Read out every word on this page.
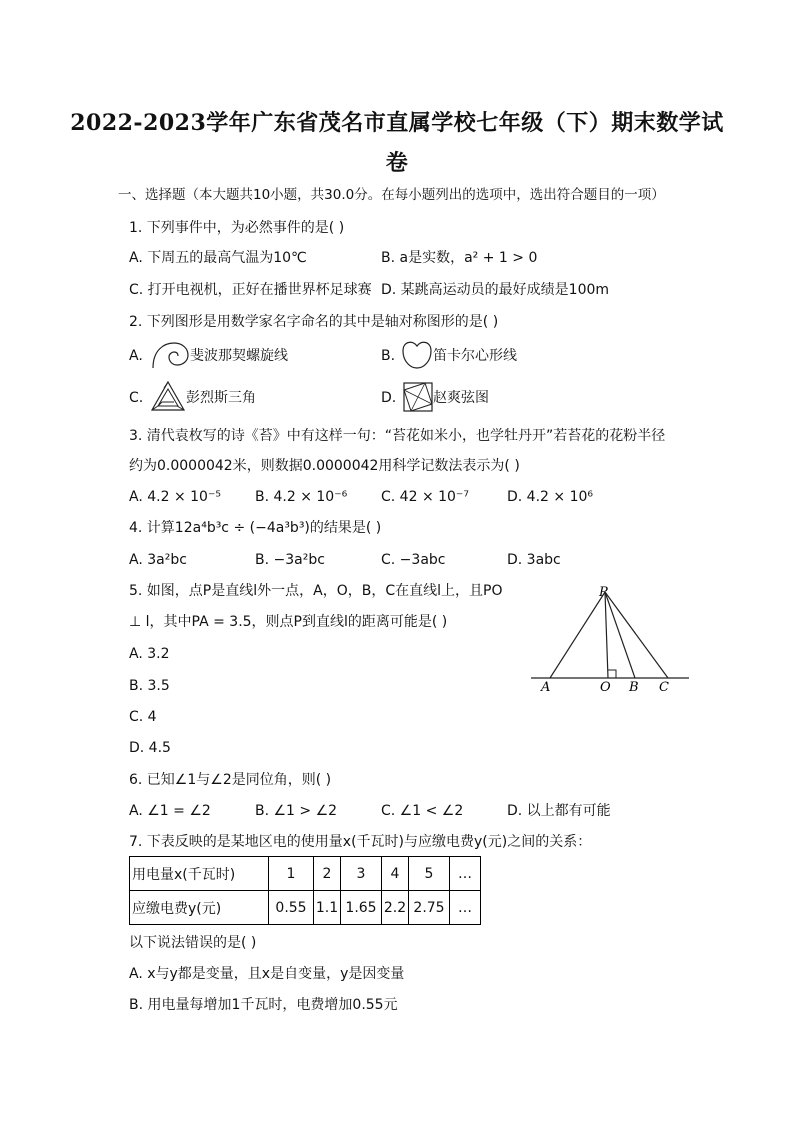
2022-2023学年广东省茂名市直属学校七年级（下）期末数学试
卷
一、选择题（本大题共10小题，共30.0分。在每小题列出的选项中，选出符合题目的一项）
1. 下列事件中，为必然事件的是( )
A. 下周五的最高气温为10℃	B. a是实数，a² + 1 > 0
C. 打开电视机，正好在播世界杯足球赛 D. 某跳高运动员的最好成绩是100m
2. 下列图形是用数学家名字命名的其中是轴对称图形的是( )
A.	斐波那契螺旋线	B.	笛卡尔心形线
C.	彭烈斯三角	D.	赵爽弦图
3. 清代袁枚写的诗《苔》中有这样一句：“苔花如米小，也学牡丹开”若苔花的花粉半径
约为0.0000042米，则数据0.0000042用科学记数法表示为( )
A. 4.2 × 10⁻⁵ B. 4.2 × 10⁻⁶ C. 42 × 10⁻⁷	D. 4.2 × 10⁶
4. 计算12a⁴b³c ÷ (−4a³b³)的结果是( )
A. 3a²bc	B. −3a²bc	C. −3abc	D. 3abc
5. 如图，点P是直线l外一点，A，O，B，C在直线l上，且PO
⊥ l，其中PA = 3.5，则点P到直线l的距离可能是( )
A. 3.2
B. 3.5
C. 4
D. 4.5
P
A	O B C
6. 已知∠1与∠2是同位角，则( )
A. ∠1 = ∠2	B. ∠1 > ∠2	C. ∠1 < ∠2	D. 以上都有可能
7. 下表反映的是某地区电的使用量x(千瓦时)与应缴电费y(元)之间的关系：
用电量x(千瓦时)	1	2	3	4	5	…
应缴电费y(元)	0.55	1.1	1.65	2.2	2.75	…
以下说法错误的是( )
A. x与y都是变量，且x是自变量，y是因变量
B. 用电量每增加1千瓦时，电费增加0.55元
